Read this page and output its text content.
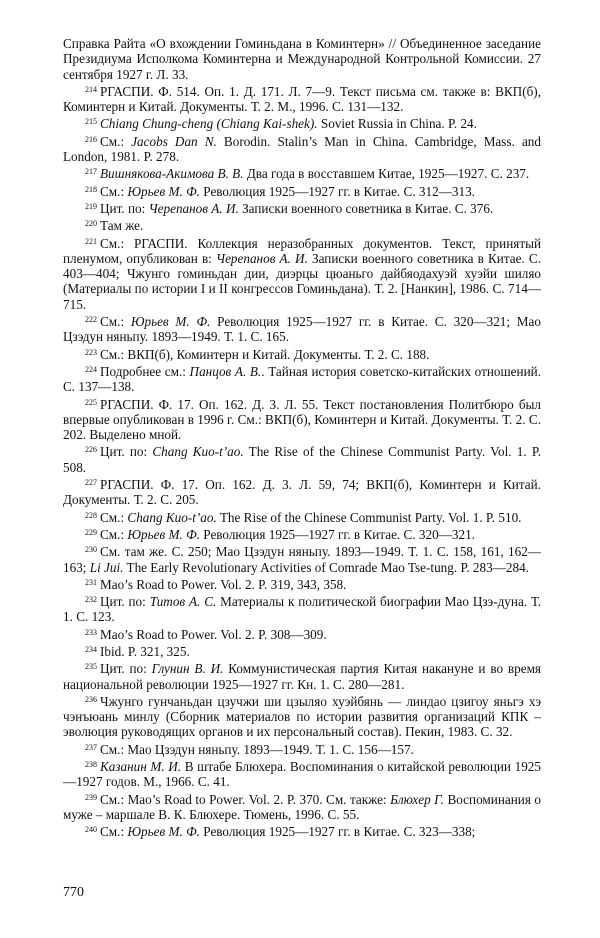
Справка Райта «О вхождении Гоминьдана в Коминтерн» // Объединенное заседание Президиума Исполкома Коминтерна и Международной Контрольной Комиссии. 27 сентября 1927 г. Л. 33.

$^{214}$ РГАСПИ. Ф. 514. Оп. 1. Д. 171. Л. 7—9. Текст письма см. также в: ВКП(б), Коминтерн и Китай. Документы. Т. 2. М., 1996. С. 131—132.

$^{215}$ Chiang Chung-cheng (Chiang Kai-shek). Soviet Russia in China. P. 24.

$^{216}$ См.: Jacobs Dan N. Borodin. Stalin’s Man in China. Cambridge, Mass. and London, 1981. P. 278.

$^{217}$ Вишнякова-Акимова В. В. Два года в восставшем Китае, 1925—1927. С. 237.

$^{218}$ См.: Юрьев М. Ф. Революция 1925—1927 гг. в Китае. С. 312—313.

$^{219}$ Цит. по: Черепанов А. И. Записки военного советника в Китае. С. 376.

$^{220}$ Там же.

$^{221}$ См.: РГАСПИ. Коллекция неразобранных документов. Текст, принятый пленумом, опубликован в: Черепанов А. И. Записки военного советника в Китае. С. 403—404; Чжунго гоминьдан дии, диэрцы цюаньго дайбяодахуэй хуэйи шиляо (Материалы по истории I и II конгрессов Гоминьдана). Т. 2. [Нанкин], 1986. С. 714—715.

$^{222}$ См.: Юрьев М. Ф. Революция 1925—1927 гг. в Китае. С. 320—321; Мао Цзэдун няньпу. 1893—1949. Т. 1. С. 165.

$^{223}$ См.: ВКП(б), Коминтерн и Китай. Документы. Т. 2. С. 188.

$^{224}$ Подробнее см.: Панцов А. В.. Тайная история советско-китайских отношений. С. 137—138.

$^{225}$ РГАСПИ. Ф. 17. Оп. 162. Д. 3. Л. 55. Текст постановления Политбюро был впервые опубликован в 1996 г. См.: ВКП(б), Коминтерн и Китай. Документы. Т. 2. С. 202. Выделено мной.

$^{226}$ Цит. по: Chang Kuo-t’ao. The Rise of the Chinese Communist Party. Vol. 1. P. 508.

$^{227}$ РГАСПИ. Ф. 17. Оп. 162. Д. 3. Л. 59, 74; ВКП(б), Коминтерн и Китай. Документы. Т. 2. С. 205.

$^{228}$ См.: Chang Kuo-t’ao. The Rise of the Chinese Communist Party. Vol. 1. P. 510.

$^{229}$ См.: Юрьев М. Ф. Революция 1925—1927 гг. в Китае. С. 320—321.

$^{230}$ См. там же. С. 250; Мао Цзэдун няньпу. 1893—1949. Т. 1. С. 158, 161, 162—163; Li Jui. The Early Revolutionary Activities of Comrade Mao Tse-tung. P. 283—284.

$^{231}$ Mao’s Road to Power. Vol. 2. P. 319, 343, 358.

$^{232}$ Цит. по: Титов А. С. Материалы к политической биографии Мао Цзэ-дуна. Т. 1. С. 123.

$^{233}$ Mao’s Road to Power. Vol. 2. P. 308—309.

$^{234}$ Ibid. P. 321, 325.

$^{235}$ Цит. по: Глунин В. И. Коммунистическая партия Китая накануне и во время национальной революции 1925—1927 гг. Кн. 1. С. 280—281.

$^{236}$ Чжунго гунчаньдан цзучжи ши цзыляо хуэйбянь — линдао цзигоу яньгэ хэ чэнъюань минлу (Сборник материалов по истории развития организаций КПК – эволюция руководящих органов и их персональный состав). Пекин, 1983. С. 32.

$^{237}$ См.: Мао Цзэдун няньпу. 1893—1949. Т. 1. С. 156—157.

$^{238}$ Казанин М. И. В штабе Блюхера. Воспоминания о китайской революции 1925—1927 годов. М., 1966. С. 41.

$^{239}$ См.: Mao’s Road to Power. Vol. 2. P. 370. См. также: Блюхер Г. Воспоминания о муже – маршале В. К. Блюхере. Тюмень, 1996. С. 55.

$^{240}$ См.: Юрьев М. Ф. Революция 1925—1927 гг. в Китае. С. 323—338;

770
